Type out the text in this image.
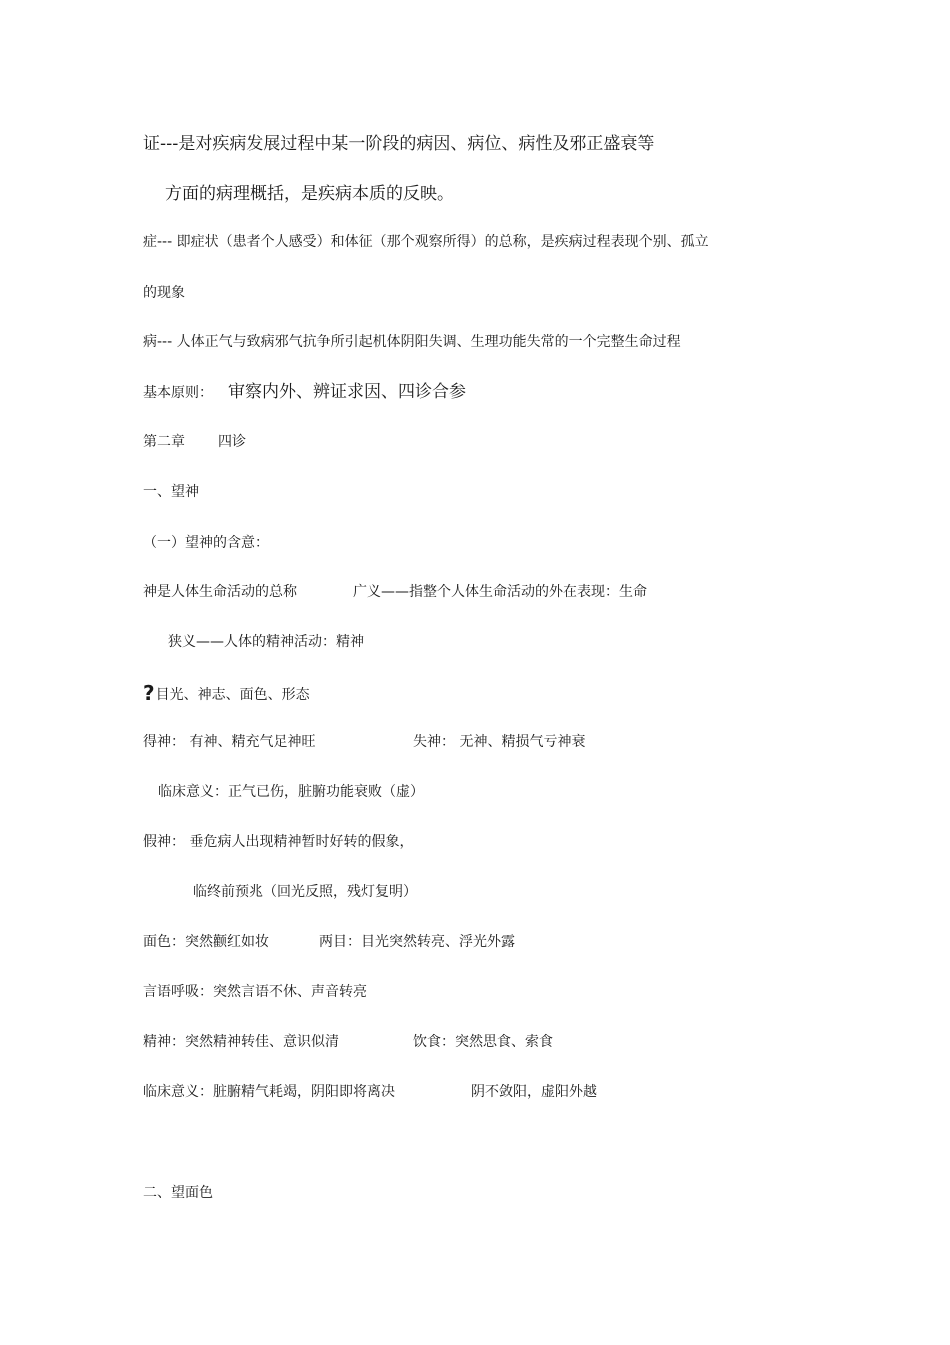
证---是对疾病发展过程中某一阶段的病因、病位、病性及邪正盛衰等
方面的病理概括，是疾病本质的反映。
症--- 即症状（患者个人感受）和体征（那个观察所得）的总称，是疾病过程表现个别、孤立
的现象
病--- 人体正气与致病邪气抗争所引起机体阴阳失调、生理功能失常的一个完整生命过程
基本原则： 审察内外、辨证求因、四诊合参
第二章 四诊
一、望神
（一）望神的含意：
神是人体生命活动的总称	广义——指整个人体生命活动的外在表现：生命
狭义——人体的精神活动：精神
?目光、神志、面色、形态
得神： 有神、精充气足神旺	失神： 无神、精损气亏神衰
临床意义：正气已伤，脏腑功能衰败（虚）
假神： 垂危病人出现精神暂时好转的假象，
临终前预兆（回光反照，残灯复明）
面色：突然颧红如妆	两目：目光突然转亮、浮光外露
言语呼吸：突然言语不休、声音转亮
精神：突然精神转佳、意识似清	饮食：突然思食、索食
临床意义：脏腑精气耗竭，阴阳即将离决	阴不敛阳，虚阳外越
二、望面色
